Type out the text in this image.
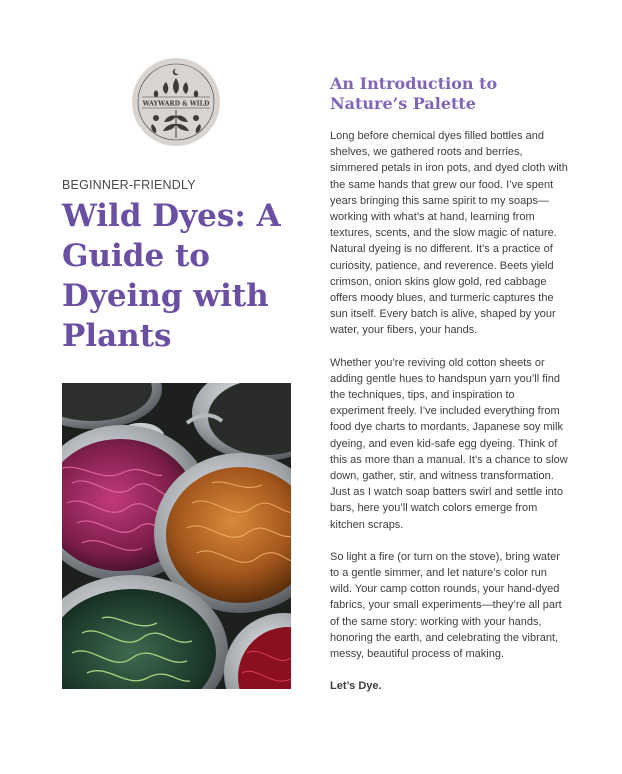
WAYWARD & WILD
BEGINNER-FRIENDLY
Wild Dyes: A Guide to Dyeing with Plants
An Introduction to Nature’s Palette

Long before chemical dyes filled bottles and shelves, we gathered roots and berries, simmered petals in iron pots, and dyed cloth with the same hands that grew our food. I’ve spent years bringing this same spirit to my soaps—working with what’s at hand, learning from textures, scents, and the slow magic of nature. Natural dyeing is no different. It’s a practice of curiosity, patience, and reverence. Beets yield crimson, onion skins glow gold, red cabbage offers moody blues, and turmeric captures the sun itself. Every batch is alive, shaped by your water, your fibers, your hands.

Whether you’re reviving old cotton sheets or adding gentle hues to handspun yarn you’ll find the techniques, tips, and inspiration to experiment freely. I’ve included everything from food dye charts to mordants, Japanese soy milk dyeing, and even kid-safe egg dyeing. Think of this as more than a manual. It’s a chance to slow down, gather, stir, and witness transformation. Just as I watch soap batters swirl and settle into bars, here you’ll watch colors emerge from kitchen scraps.

So light a fire (or turn on the stove), bring water to a gentle simmer, and let nature’s color run wild. Your camp cotton rounds, your hand-dyed fabrics, your small experiments—they’re all part of the same story: working with your hands, honoring the earth, and celebrating the vibrant, messy, beautiful process of making.

Let’s Dye.
